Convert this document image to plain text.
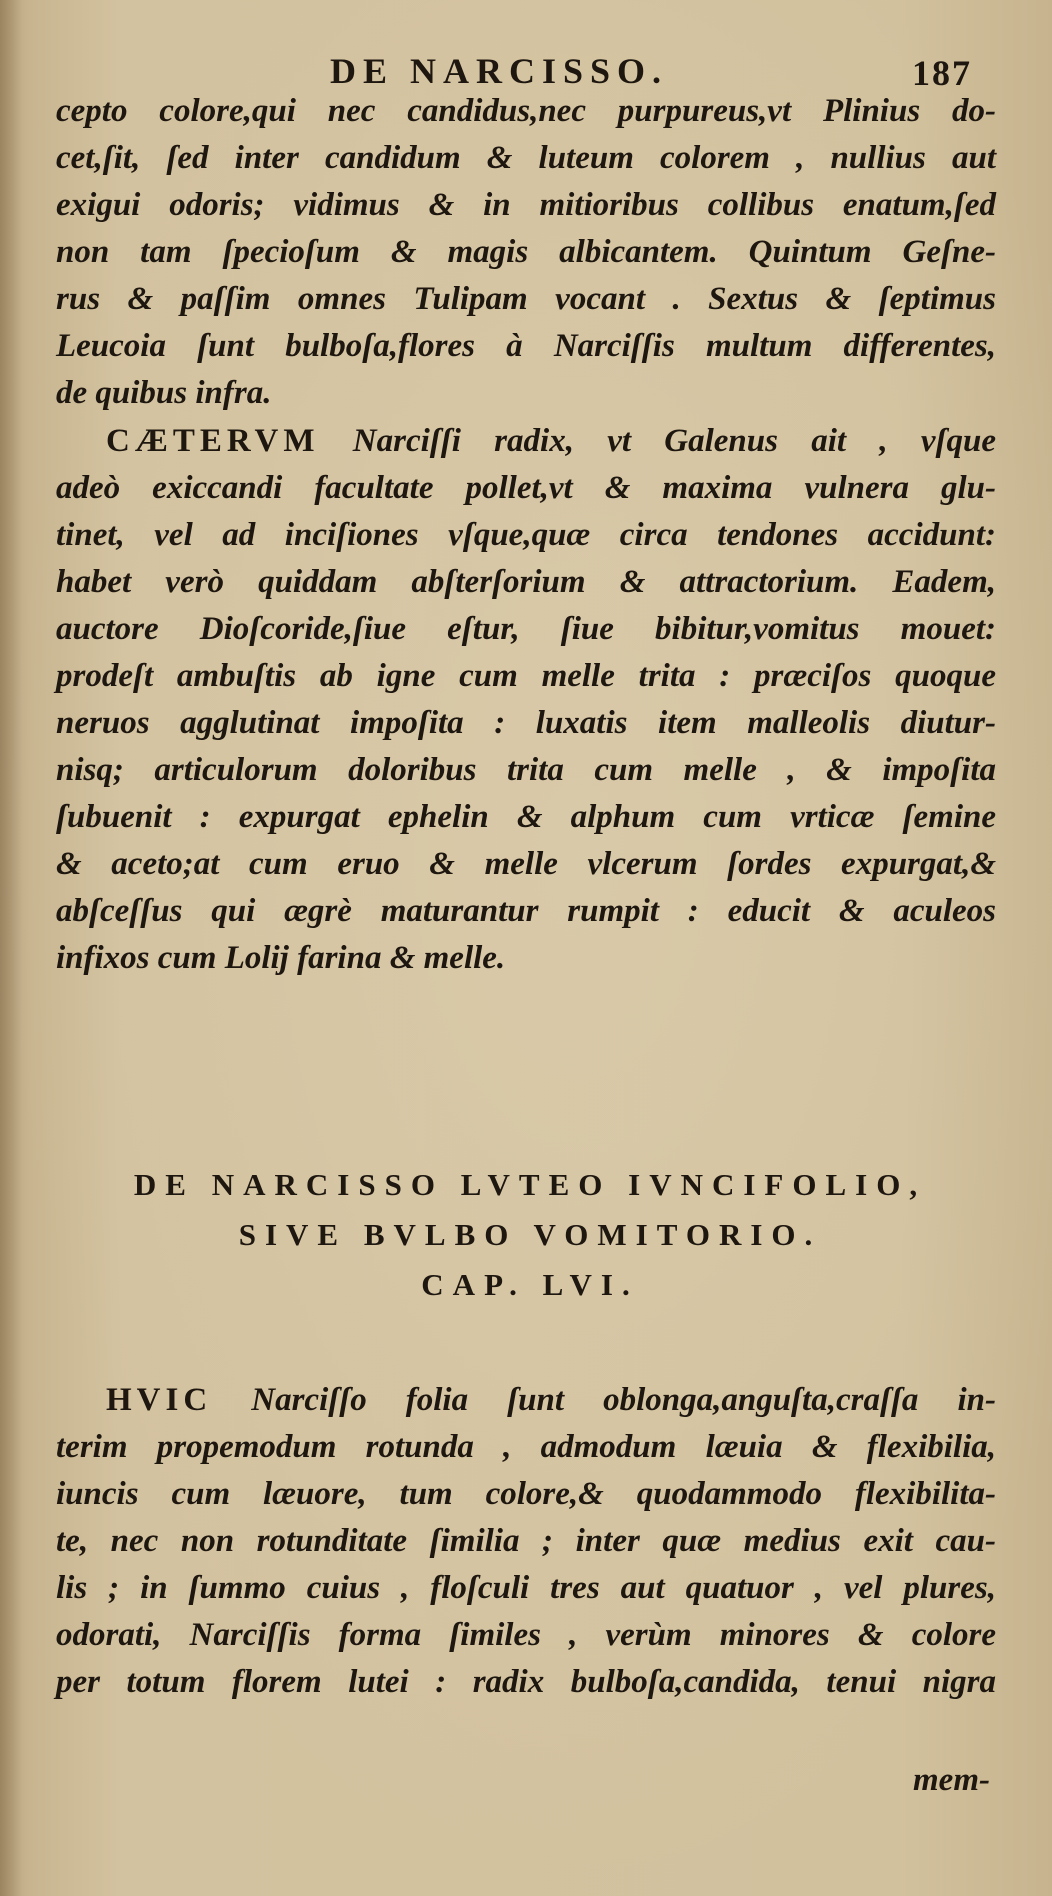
DE NARCISSO.	187
cepto colore,qui nec candidus,nec purpureus,vt Plinius do-
cet,ſit, ſed inter candidum & luteum colorem , nullius aut
exigui odoris; vidimus & in mitioribus collibus enatum,ſed
non tam ſpecioſum & magis albicantem. Quintum Geſne-
rus & paſſim omnes Tulipam vocant . Sextus & ſeptimus
Leucoia ſunt bulboſa,flores à Narciſſis multum differentes,
de quibus infra.
CÆTERVM Narciſſi radix, vt Galenus ait , vſque
adeò exiccandi facultate pollet,vt & maxima vulnera glu-
tinet, vel ad inciſiones vſque,quæ circa tendones accidunt:
habet verò quiddam abſterſorium & attractorium. Eadem,
auctore Dioſcoride,ſiue eſtur, ſiue bibitur,vomitus mouet:
prodeſt ambuſtis ab igne cum melle trita : præciſos quoque
neruos agglutinat impoſita : luxatis item malleolis diutur-
nisq; articulorum doloribus trita cum melle , & impoſita
ſubuenit : expurgat ephelin & alphum cum vrticæ ſemine
& aceto;at cum eruo & melle vlcerum ſordes expurgat,&
abſceſſus qui ægrè maturantur rumpit : educit & aculeos
infixos cum Lolij farina & melle.
DE NARCISSO LVTEO IVNCIFOLIO,
SIVE BVLBO VOMITORIO.
CAP. LVI.
HVIC Narciſſo folia ſunt oblonga,anguſta,craſſa in-
terim propemodum rotunda , admodum læuia & flexibilia,
iuncis cum læuore, tum colore,& quodammodo flexibilita-
te, nec non rotunditate ſimilia ; inter quæ medius exit cau-
lis ; in ſummo cuius , floſculi tres aut quatuor , vel plures,
odorati, Narciſſis forma ſimiles , verùm minores & colore
per totum florem lutei : radix bulboſa,candida, tenui nigra
mem-
